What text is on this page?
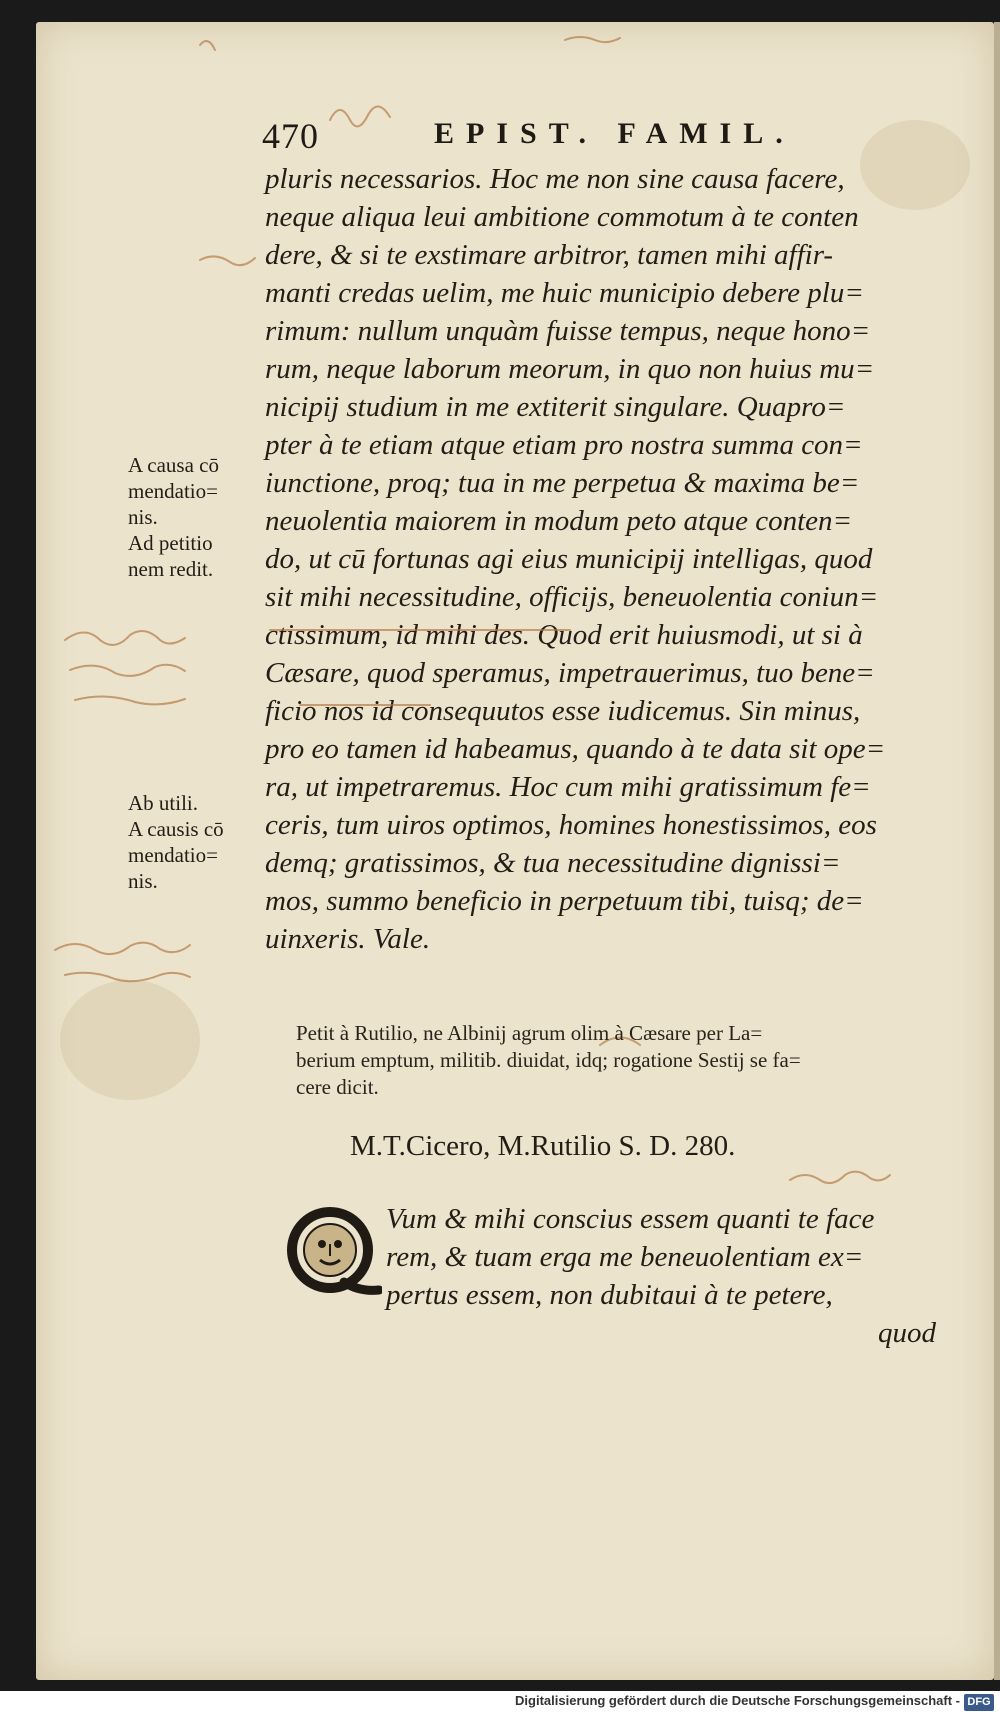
470	EPIST. FAMIL.
pluris necessarios. Hoc me non sine causa facere,
neque aliqua leui ambitione commotum à te conten
dere, & si te exstimare arbitror, tamen mihi affir-
manti credas uelim, me huic municipio debere plu=
rimum: nullum unquàm fuisse tempus, neque hono=
rum, neque laborum meorum, in quo non huius mu=
nicipij studium in me extiterit singulare. Quapro=
pter à te etiam atque etiam pro nostra summa con=
iunctione, proq; tua in me perpetua & maxima be=
neuolentia maiorem in modum peto atque conten=
do, ut cū fortunas agi eius municipij intelligas, quod
sit mihi necessitudine, officijs, beneuolentia coniun=
ctissimum, id mihi des. Quod erit huiusmodi, ut si à
Cæsare, quod speramus, impetrauerimus, tuo bene=
ficio nos id consequutos esse iudicemus. Sin minus,
pro eo tamen id habeamus, quando à te data sit ope=
ra, ut impetraremus. Hoc cum mihi gratissimum fe=
ceris, tum uiros optimos, homines honestissimos, eos
demq; gratissimos, & tua necessitudine dignissi=
mos, summo beneficio in perpetuum tibi, tuisq; de=
uinxeris. Vale.
A causa cō
mendatio=
nis.
Ad petitio
nem redit.
Ab utili.
A causis cō
mendatio=
nis.
Petit à Rutilio, ne Albinij agrum olim à Cæsare per La=
berium emptum, militib. diuidat, idq; rogatione Sestij se fa=
cere dicit.
M.T.Cicero, M.Rutilio S. D. 280.
Vum & mihi conscius essem quanti te face
rem, & tuam erga me beneuolentiam ex=
pertus essem, non dubitaui à te petere,
quod
Digitalisierung gefördert durch die Deutsche Forschungsgemeinschaft - DFG
